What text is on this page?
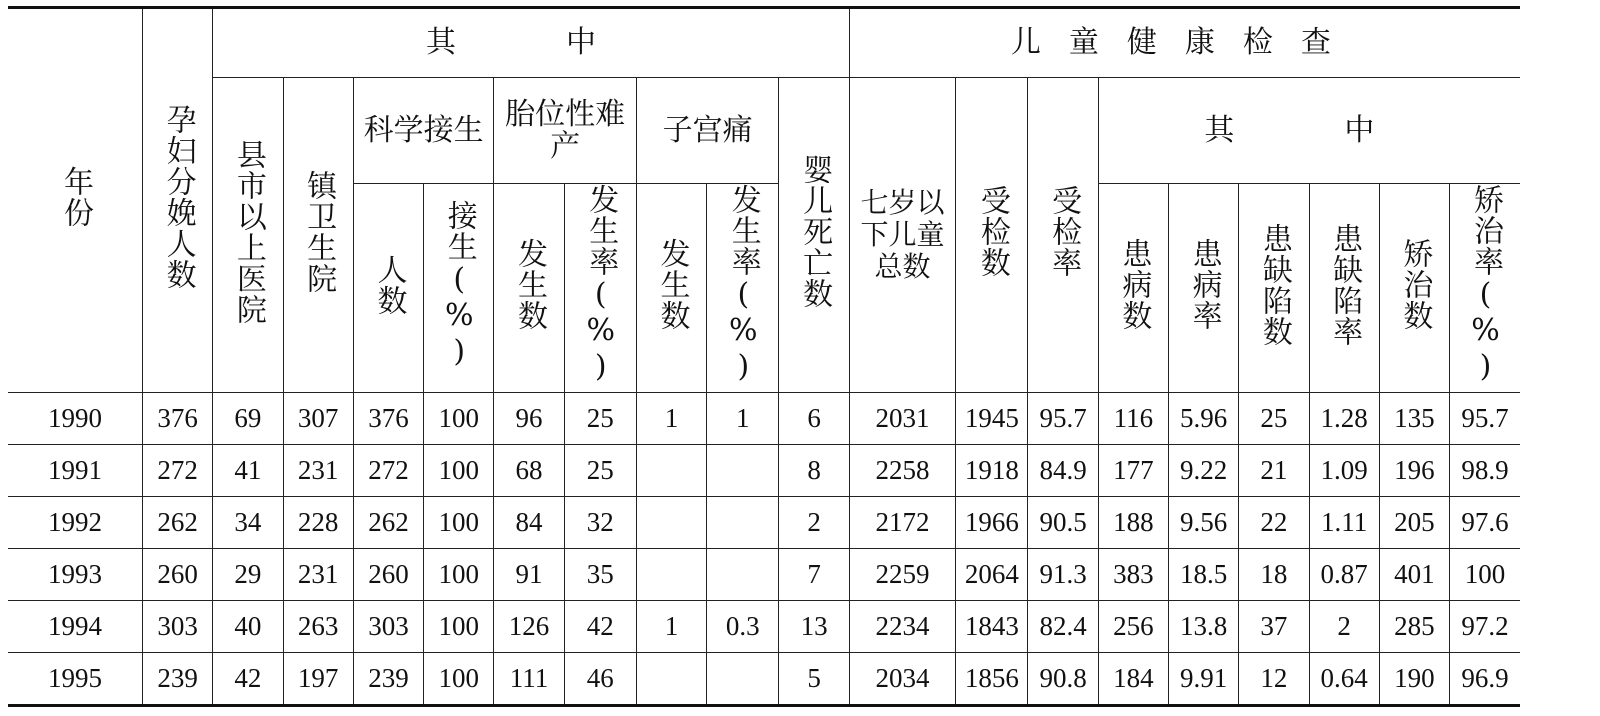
年份	孕妇分娩人数	其　中									儿童健康检查								
		县市以上医院	镇卫生院	科学接生		胎位性难产		子宫痛		婴儿死亡数	七岁以下儿童总数	受检数	受检率	其　中					
				人数	接生(%)	发生数	发生率(%)	发生数	发生率(%)					患病数	患病率	患缺陷数	患缺陷率	矫治数	矫治率(%)
1990	376	69	307	376	100	96	25	1	1	6	2031	1945	95.7	116	5.96	25	1.28	135	95.7
1991	272	41	231	272	100	68	25			8	2258	1918	84.9	177	9.22	21	1.09	196	98.9
1992	262	34	228	262	100	84	32			2	2172	1966	90.5	188	9.56	22	1.11	205	97.6
1993	260	29	231	260	100	91	35			7	2259	2064	91.3	383	18.5	18	0.87	401	100
1994	303	40	263	303	100	126	42	1	0.3	13	2234	1843	82.4	256	13.8	37	2	285	97.2
1995	239	42	197	239	100	111	46			5	2034	1856	90.8	184	9.91	12	0.64	190	96.9
